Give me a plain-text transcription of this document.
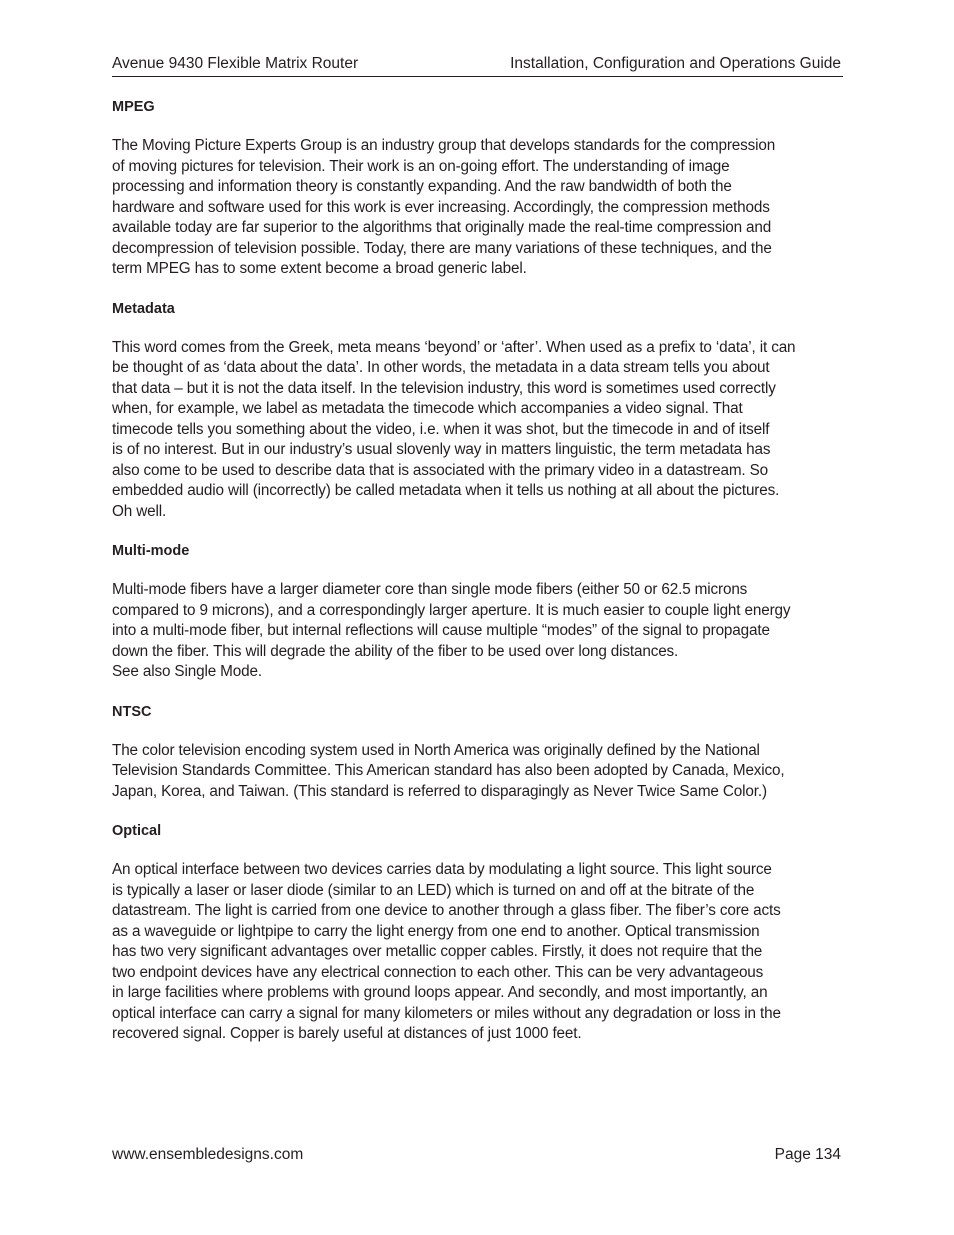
Avenue 9430 Flexible Matrix Router	Installation, Configuration and Operations Guide
MPEG
The Moving Picture Experts Group is an industry group that develops standards for the compression
of moving pictures for television. Their work is an on-going effort. The understanding of image
processing and information theory is constantly expanding. And the raw bandwidth of both the
hardware and software used for this work is ever increasing. Accordingly, the compression methods
available today are far superior to the algorithms that originally made the real-time compression and
decompression of television possible. Today, there are many variations of these techniques, and the
term MPEG has to some extent become a broad generic label.
Metadata
This word comes from the Greek, meta means ‘beyond’ or ‘after’. When used as a prefix to ‘data’, it can
be thought of as ‘data about the data’. In other words, the metadata in a data stream tells you about
that data – but it is not the data itself. In the television industry, this word is sometimes used correctly
when, for example, we label as metadata the timecode which accompanies a video signal. That
timecode tells you something about the video, i.e. when it was shot, but the timecode in and of itself
is of no interest. But in our industry’s usual slovenly way in matters linguistic, the term metadata has
also come to be used to describe data that is associated with the primary video in a datastream. So
embedded audio will (incorrectly) be called metadata when it tells us nothing at all about the pictures.
Oh well.
Multi-mode
Multi-mode fibers have a larger diameter core than single mode fibers (either 50 or 62.5 microns
compared to 9 microns), and a correspondingly larger aperture. It is much easier to couple light energy
into a multi-mode fiber, but internal reflections will cause multiple “modes” of the signal to propagate
down the fiber. This will degrade the ability of the fiber to be used over long distances.
See also Single Mode.
NTSC
The color television encoding system used in North America was originally defined by the National
Television Standards Committee. This American standard has also been adopted by Canada, Mexico,
Japan, Korea, and Taiwan. (This standard is referred to disparagingly as Never Twice Same Color.)
Optical
An optical interface between two devices carries data by modulating a light source. This light source
is typically a laser or laser diode (similar to an LED) which is turned on and off at the bitrate of the
datastream. The light is carried from one device to another through a glass fiber. The fiber’s core acts
as a waveguide or lightpipe to carry the light energy from one end to another. Optical transmission
has two very significant advantages over metallic copper cables. Firstly, it does not require that the
two endpoint devices have any electrical connection to each other. This can be very advantageous
in large facilities where problems with ground loops appear. And secondly, and most importantly, an
optical interface can carry a signal for many kilometers or miles without any degradation or loss in the
recovered signal. Copper is barely useful at distances of just 1000 feet.
www.ensembledesigns.com	Page 134
